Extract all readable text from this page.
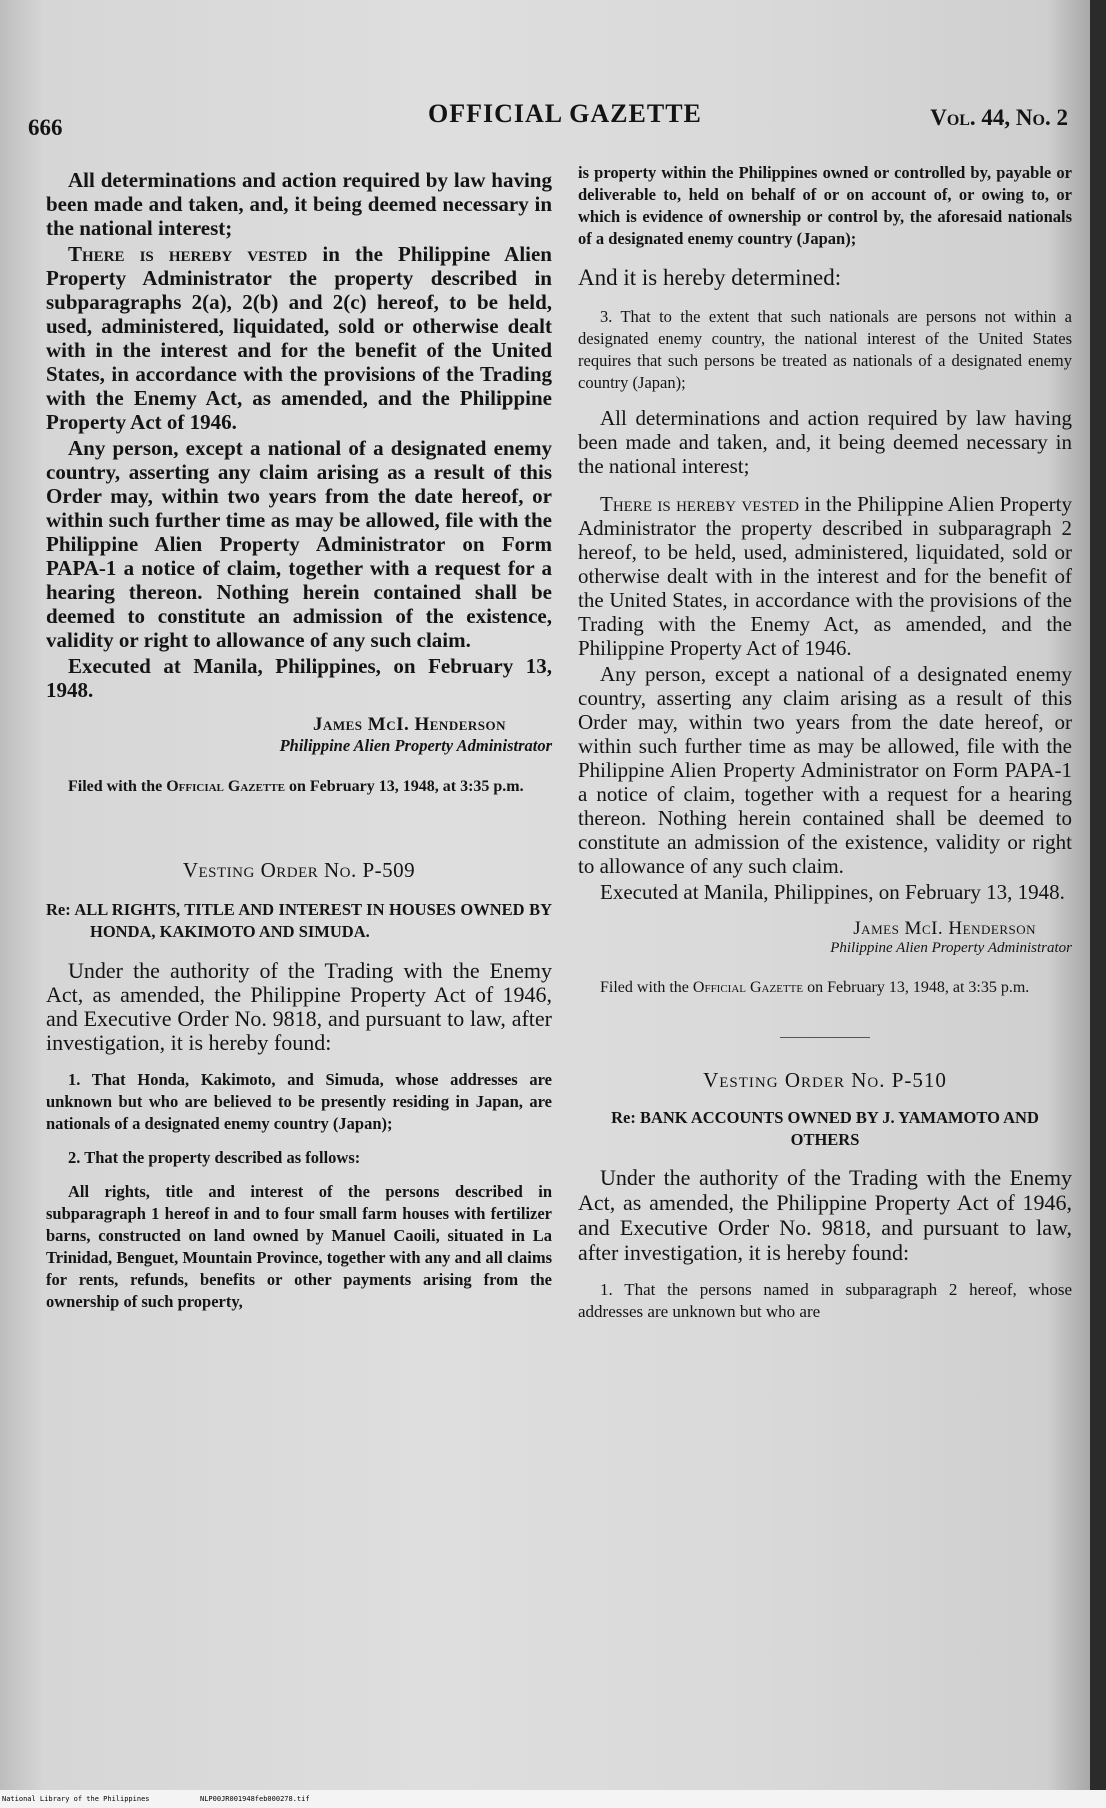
666	OFFICIAL GAZETTE	Vol. 44, No. 2

All determinations and action required by law having been made and taken, and, it being deemed necessary in the national interest;

There is hereby vested in the Philippine Alien Property Administrator the property described in subparagraphs 2(a), 2(b) and 2(c) hereof, to be held, used, administered, liquidated, sold or otherwise dealt with in the interest and for the benefit of the United States, in accordance with the provisions of the Trading with the Enemy Act, as amended, and the Philippine Property Act of 1946.

Any person, except a national of a designated enemy country, asserting any claim arising as a result of this Order may, within two years from the date hereof, or within such further time as may be allowed, file with the Philippine Alien Property Administrator on Form PAPA-1 a notice of claim, together with a request for a hearing thereon. Nothing herein contained shall be deemed to constitute an admission of the existence, validity or right to allowance of any such claim.

Executed at Manila, Philippines, on February 13, 1948.

James McI. Henderson
Philippine Alien Property Administrator

Filed with the Official Gazette on February 13, 1948, at 3:35 p.m.

Vesting Order No. P-509

Re: ALL RIGHTS, TITLE AND INTEREST IN HOUSES OWNED BY HONDA, KAKIMOTO AND SIMUDA.

Under the authority of the Trading with the Enemy Act, as amended, the Philippine Property Act of 1946, and Executive Order No. 9818, and pursuant to law, after investigation, it is hereby found:

1. That Honda, Kakimoto, and Simuda, whose addresses are unknown but who are believed to be presently residing in Japan, are nationals of a designated enemy country (Japan);

2. That the property described as follows:

All rights, title and interest of the persons described in subparagraph 1 hereof in and to four small farm houses with fertilizer barns, constructed on land owned by Manuel Caoili, situated in La Trinidad, Benguet, Mountain Province, together with any and all claims for rents, refunds, benefits or other payments arising from the ownership of such property,

is property within the Philippines owned or controlled by, payable or deliverable to, held on behalf of or on account of, or owing to, or which is evidence of ownership or control by, the aforesaid nationals of a designated enemy country (Japan);

And it is hereby determined:

3. That to the extent that such nationals are persons not within a designated enemy country, the national interest of the United States requires that such persons be treated as nationals of a designated enemy country (Japan);

All determinations and action required by law having been made and taken, and, it being deemed necessary in the national interest;

There is hereby vested in the Philippine Alien Property Administrator the property described in subparagraph 2 hereof, to be held, used, administered, liquidated, sold or otherwise dealt with in the interest and for the benefit of the United States, in accordance with the provisions of the Trading with the Enemy Act, as amended, and the Philippine Property Act of 1946.

Any person, except a national of a designated enemy country, asserting any claim arising as a result of this Order may, within two years from the date hereof, or within such further time as may be allowed, file with the Philippine Alien Property Administrator on Form PAPA-1 a notice of claim, together with a request for a hearing thereon. Nothing herein contained shall be deemed to constitute an admission of the existence, validity or right to allowance of any such claim.

Executed at Manila, Philippines, on February 13, 1948.

James McI. Henderson
Philippine Alien Property Administrator

Filed with the Official Gazette on February 13, 1948, at 3:35 p.m.

Vesting Order No. P-510

Re: BANK ACCOUNTS OWNED BY J. YAMAMOTO AND OTHERS

Under the authority of the Trading with the Enemy Act, as amended, the Philippine Property Act of 1946, and Executive Order No. 9818, and pursuant to law, after investigation, it is hereby found:

1. That the persons named in subparagraph 2 hereof, whose addresses are unknown but who are

National Library of the Philippines	NLP00JR001948feb000278.tif
